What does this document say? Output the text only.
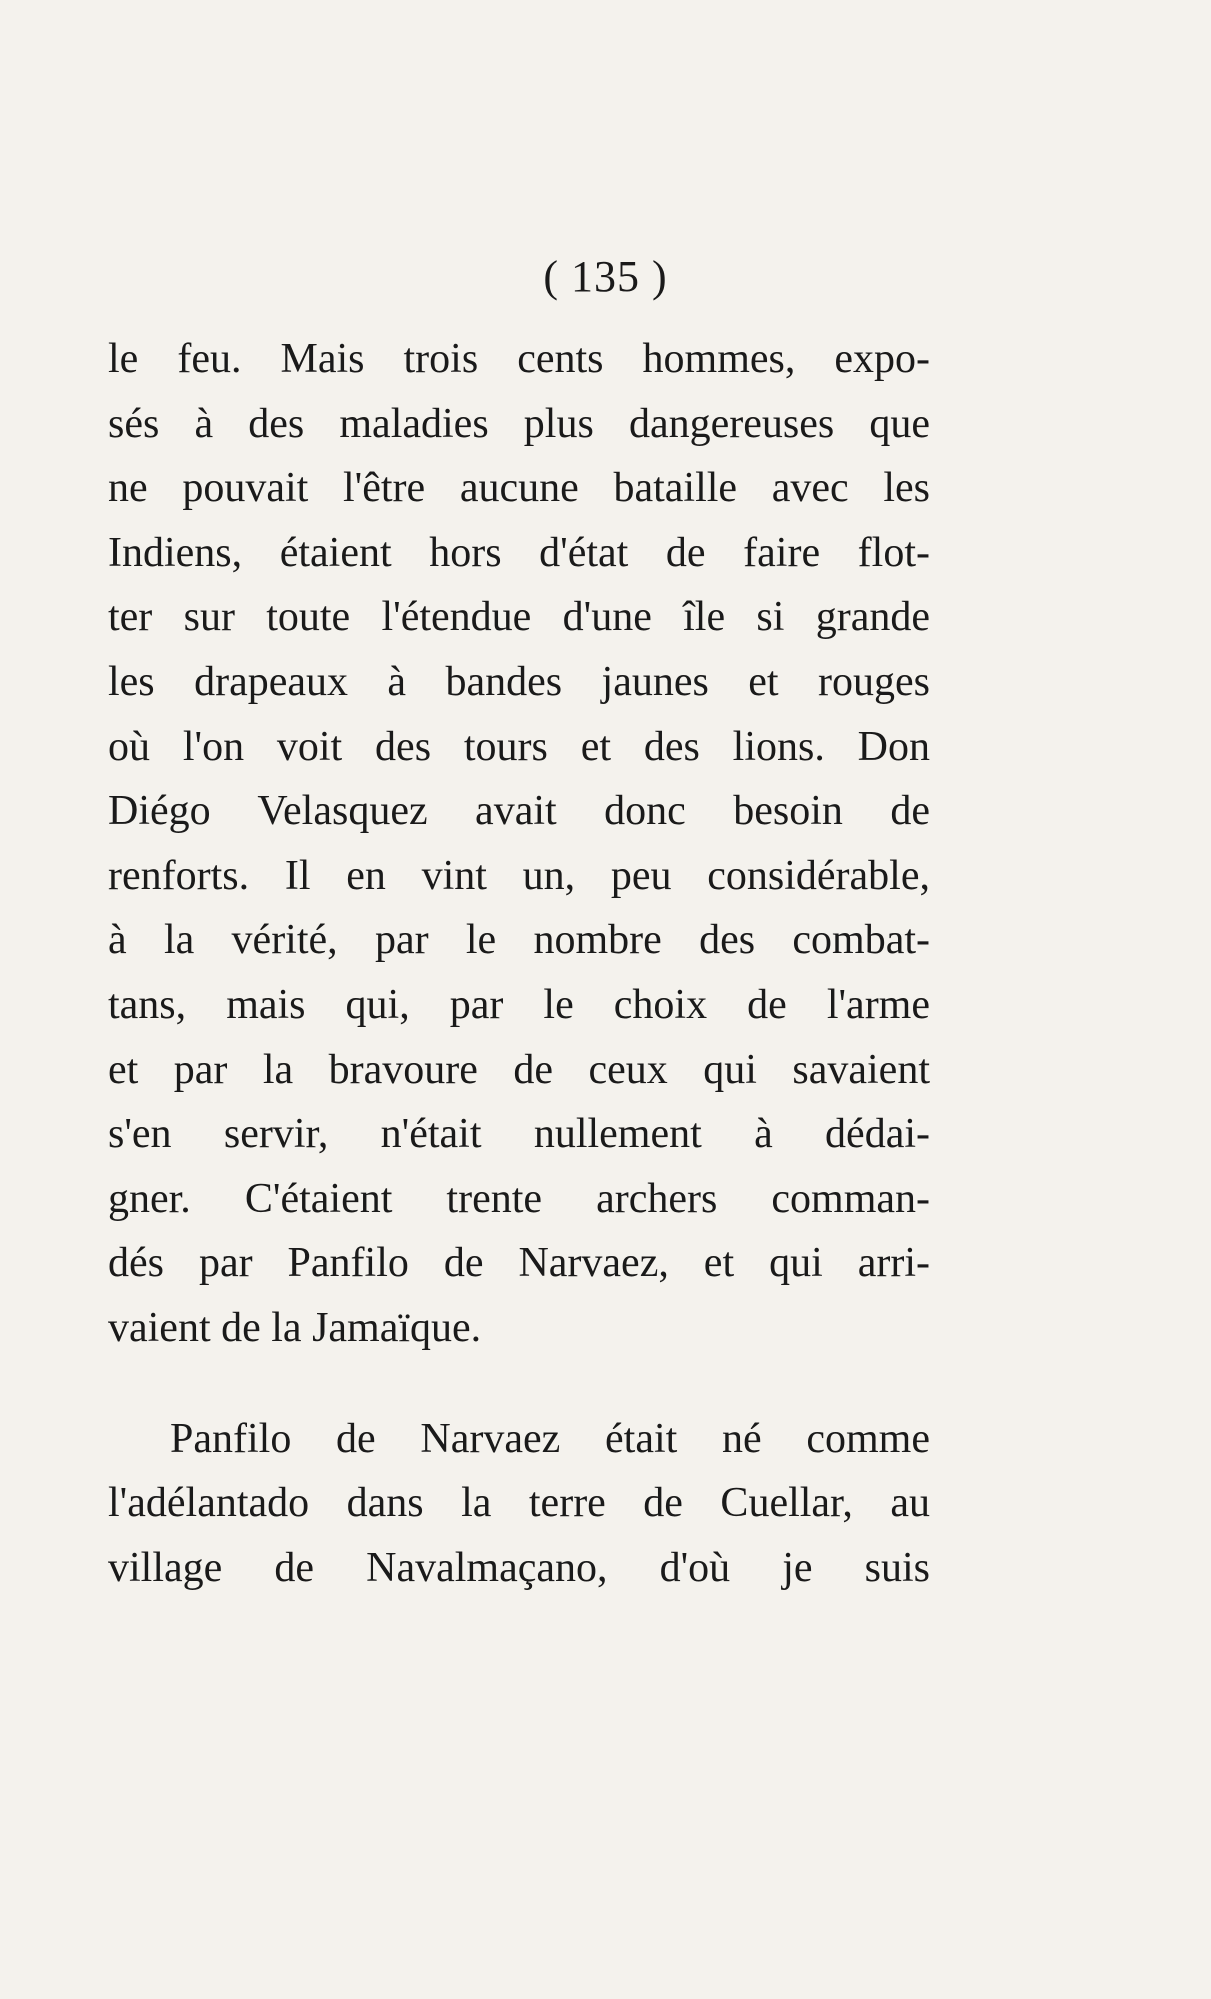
( 135 )
le feu. Mais trois cents hommes, expo-
sés à des maladies plus dangereuses que
ne pouvait l'être aucune bataille avec les
Indiens, étaient hors d'état de faire flot-
ter sur toute l'étendue d'une île si grande
les drapeaux à bandes jaunes et rouges
où l'on voit des tours et des lions. Don
Diégo Velasquez avait donc besoin de
renforts. Il en vint un, peu considérable,
à la vérité, par le nombre des combat-
tans, mais qui, par le choix de l'arme
et par la bravoure de ceux qui savaient
s'en servir, n'était nullement à dédai-
gner. C'étaient trente archers comman-
dés par Panfilo de Narvaez, et qui arri-
vaient de la Jamaïque.
Panfilo de Narvaez était né comme
l'adélantado dans la terre de Cuellar, au
village de Navalmaçano, d'où je suis
